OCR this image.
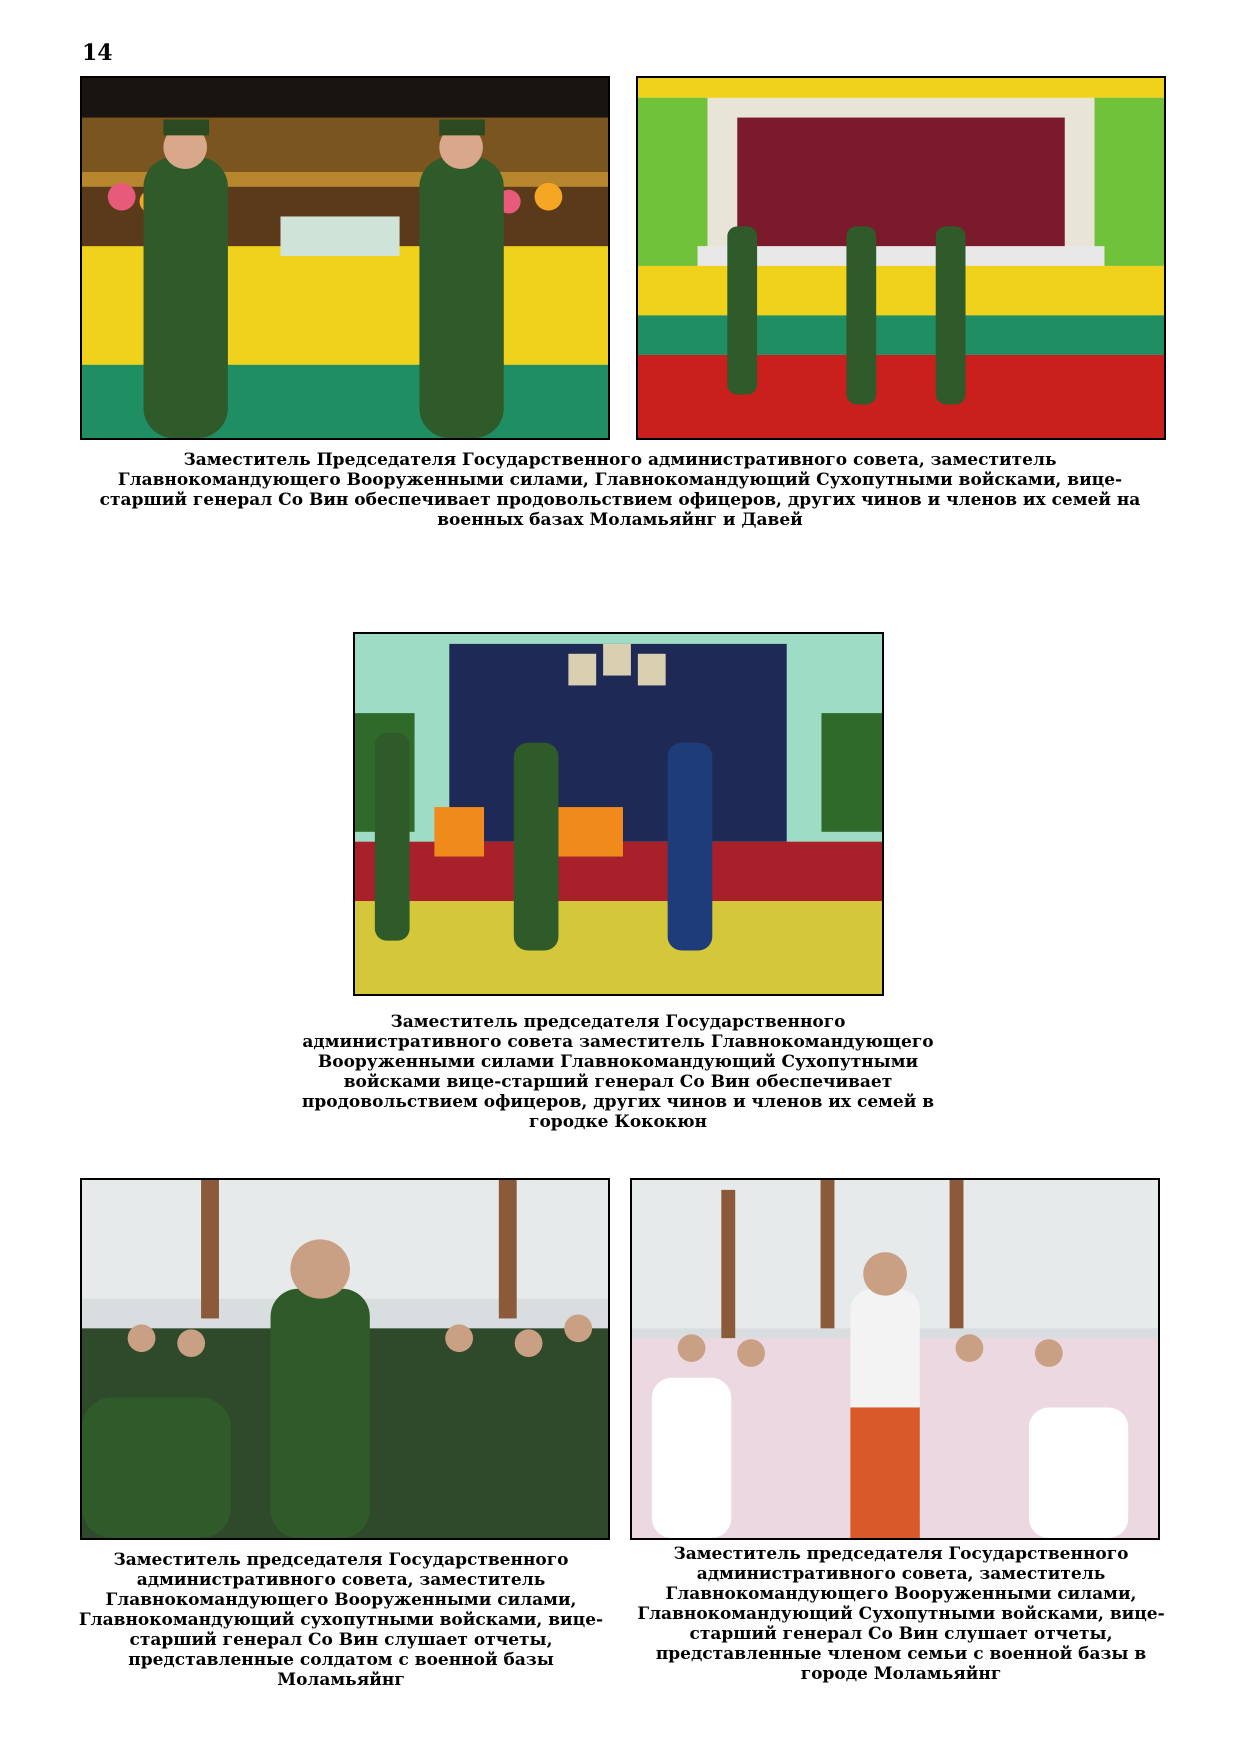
14
Заместитель Председателя Государственного административного совета, заместитель Главнокомандующего Вооруженными силами, Главнокомандующий Сухопутными войсками, вице-старший генерал Со Вин обеспечивает продовольствием офицеров, других чинов и членов их семей на военных базах Моламьяйнг и Давей
Заместитель председателя Государственного административного совета заместитель Главнокомандующего Вооруженными силами Главнокомандующий Сухопутными войсками вице-старший генерал Со Вин обеспечивает продовольствием офицеров, других чинов и членов их семей в городке Кококюн
Заместитель председателя Государственного административного совета, заместитель Главнокомандующего Вооруженными силами, Главнокомандующий сухопутными войсками, вице-старший генерал Со Вин слушает отчеты, представленные солдатом с военной базы Моламьяйнг
Заместитель председателя Государственного административного совета, заместитель Главнокомандующего Вооруженными силами, Главнокомандующий Сухопутными войсками, вице-старший генерал Со Вин слушает отчеты, представленные членом семьи с военной базы в городе Моламьяйнг
